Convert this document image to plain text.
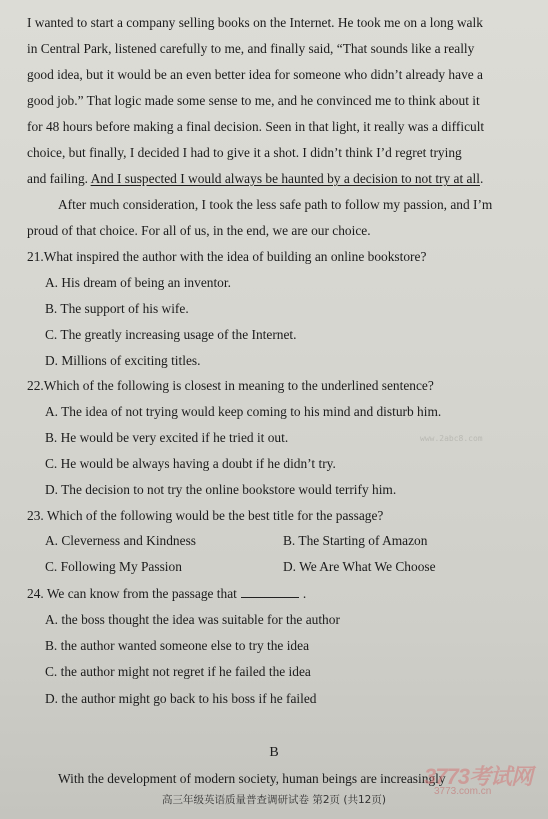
I wanted to start a company selling books on the Internet. He took me on a long walk
in Central Park, listened carefully to me, and finally said, “That sounds like a really
good idea, but it would be an even better idea for someone who didn’t already have a
good job.” That logic made some sense to me, and he convinced me to think about it
for 48 hours before making a final decision. Seen in that light, it really was a difficult
choice, but finally, I decided I had to give it a shot. I didn’t think I’d regret trying
and failing. And I suspected I would always be haunted by a decision to not try at all.
After much consideration, I took the less safe path to follow my passion, and I’m
proud of that choice. For all of us, in the end, we are our choice.
21.What inspired the author with the idea of building an online bookstore?
A. His dream of being an inventor.
B. The support of his wife.
C. The greatly increasing usage of the Internet.
D. Millions of exciting titles.
22.Which of the following is closest in meaning to the underlined sentence?
A. The idea of not trying would keep coming to his mind and disturb him.
B. He would be very excited if he tried it out.
C. He would be always having a doubt if he didn’t try.
D. The decision to not try the online bookstore would terrify him.
23. Which of the following would be the best title for the passage?
A. Cleverness and Kindness	B. The Starting of Amazon
C. Following My Passion	D. We Are What We Choose
24. We can know from the passage that	.
A. the boss thought the idea was suitable for the author
B. the author wanted someone else to try the idea
C. the author might not regret if he failed the idea
D. the author might go back to his boss if he failed
B
With the development of modern society, human beings are increasingly
高三年级英语质量普查调研试卷 第2页 (共12页)
www.2abc8.com
3773考试网
3773.com.cn
